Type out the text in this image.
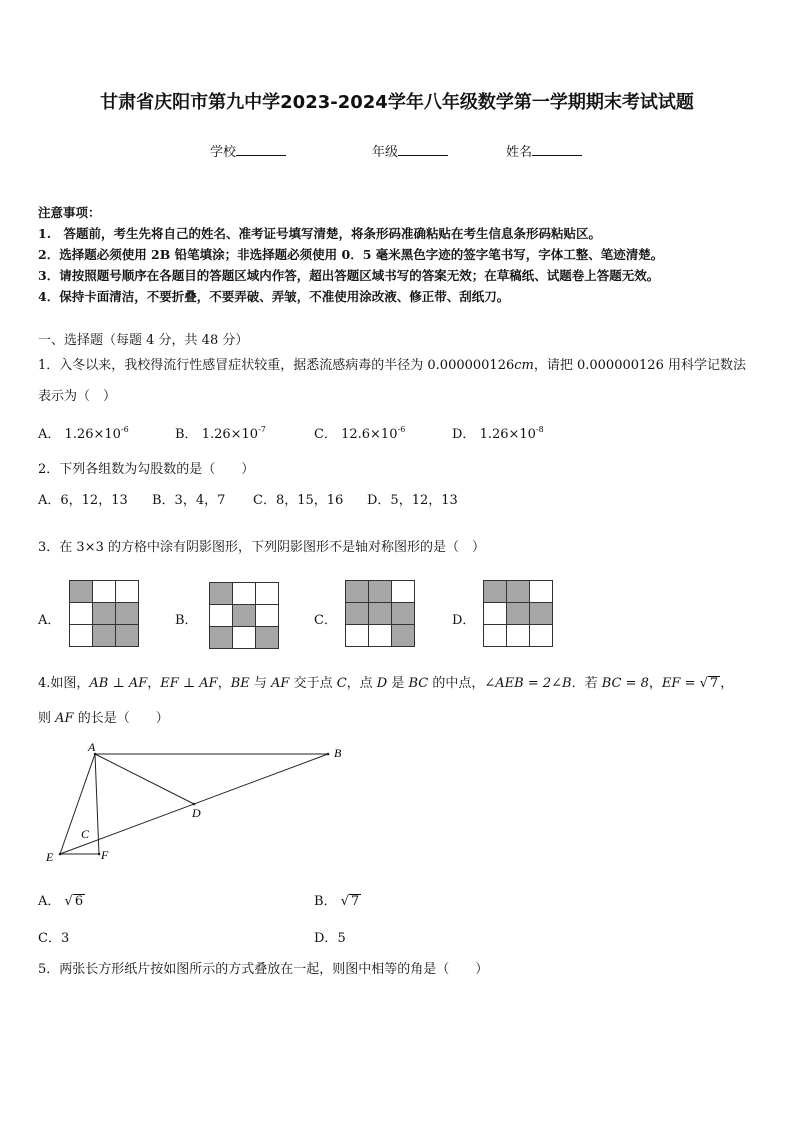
甘肃省庆阳市第九中学2023-2024学年八年级数学第一学期期末考试试题
学校	年级	姓名
注意事项：
1.　答题前，考生先将自己的姓名、准考证号填写清楚，将条形码准确粘贴在考生信息条形码粘贴区。
2．选择题必须使用 2B 铅笔填涂；非选择题必须使用 0．5 毫米黑色字迹的签字笔书写，字体工整、笔迹清楚。
3．请按照题号顺序在各题目的答题区域内作答，超出答题区域书写的答案无效；在草稿纸、试题卷上答题无效。
4．保持卡面清洁，不要折叠，不要弄破、弄皱，不准使用涂改液、修正带、刮纸刀。
一、选择题（每题 4 分，共 48 分）
1．入冬以来，我校得流行性感冒症状较重，据悉流感病毒的半径为 0.000000126cm，请把 0.000000126 用科学记数法
表示为（　）
A． $1.26\times 10^{-6}$	B． $1.26\times 10^{-7}$	C． $12.6\times 10^{-6}$	D． $1.26\times 10^{-8}$
2．下列各组数为勾股数的是（　　）
A．6，12，13 B．3，4，7 C．8，15，16 D．5，12，13
3．在 3×3 的方格中涂有阴影图形，下列阴影图形不是轴对称图形的是（　）
A．	B．	C．	D．
4.如图，AB ⊥ AF，EF ⊥ AF，BE 与 AF 交于点 C，点 D 是 BC 的中点，∠AEB = 2∠B．若 BC = 8，EF = √ 7 ，
则 AF 的长是（　　）
A	B
C
D
E	F
A． √ 6	B． √ 7
C．3	D．5
5．两张长方形纸片按如图所示的方式叠放在一起，则图中相等的角是（　　）
